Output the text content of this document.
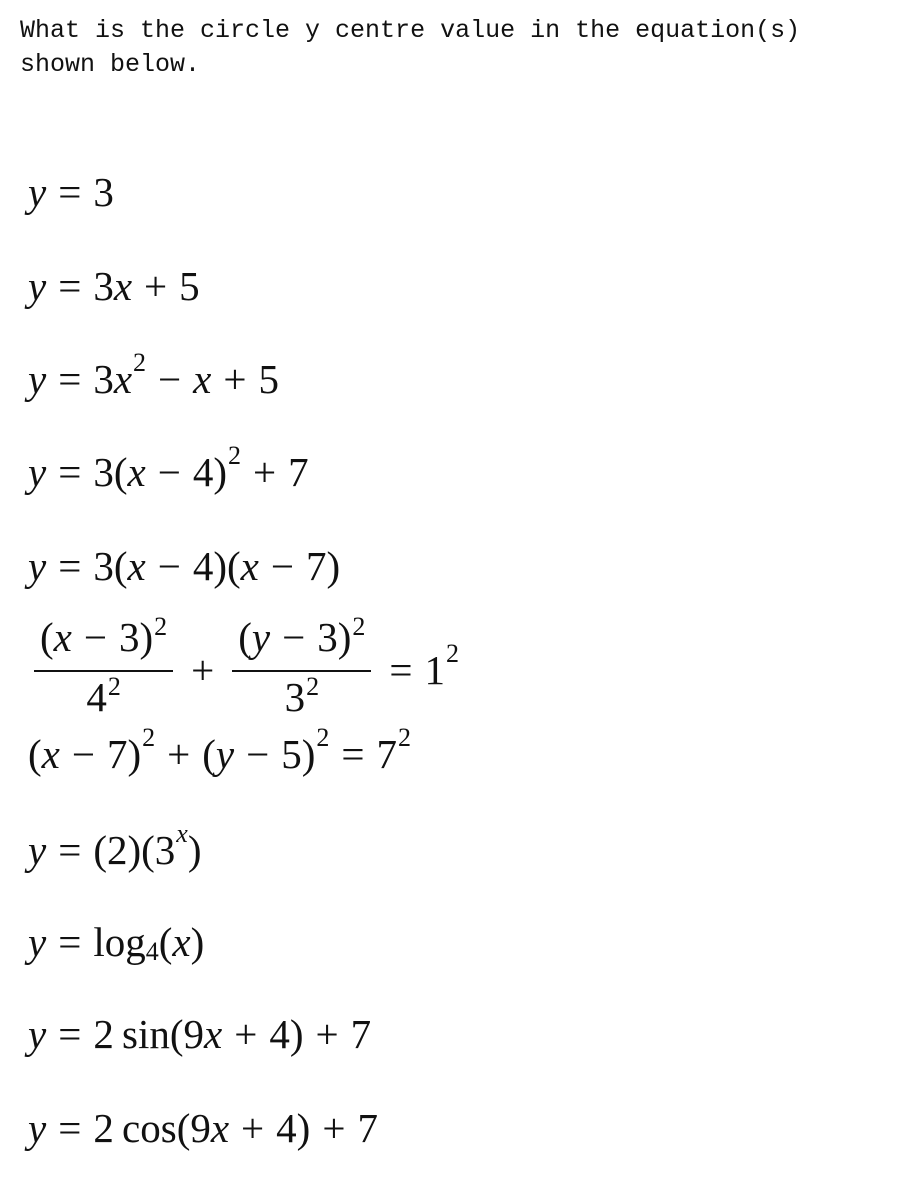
What is the circle y centre value in the equation(s) shown below.
y = 3
y = 3 x + 5
y = 3 $x^2 - x + 5$
y = 3( x − 4)$^2$ + 7
y = 3( x − 4)( x − 7)
$\frac{(x - 3)^2}{4^2} + \frac{(y - 3)^2}{3^2} = 1^2$
( x − 7)$^2$ + ( $y - 5)^2 = 7^2$
y = (2)(3 $^x$ )
$y = \log_4$ ( x )
y = 2 sin(9 x + 4) + 7
y = 2 cos(9 x + 4) + 7
